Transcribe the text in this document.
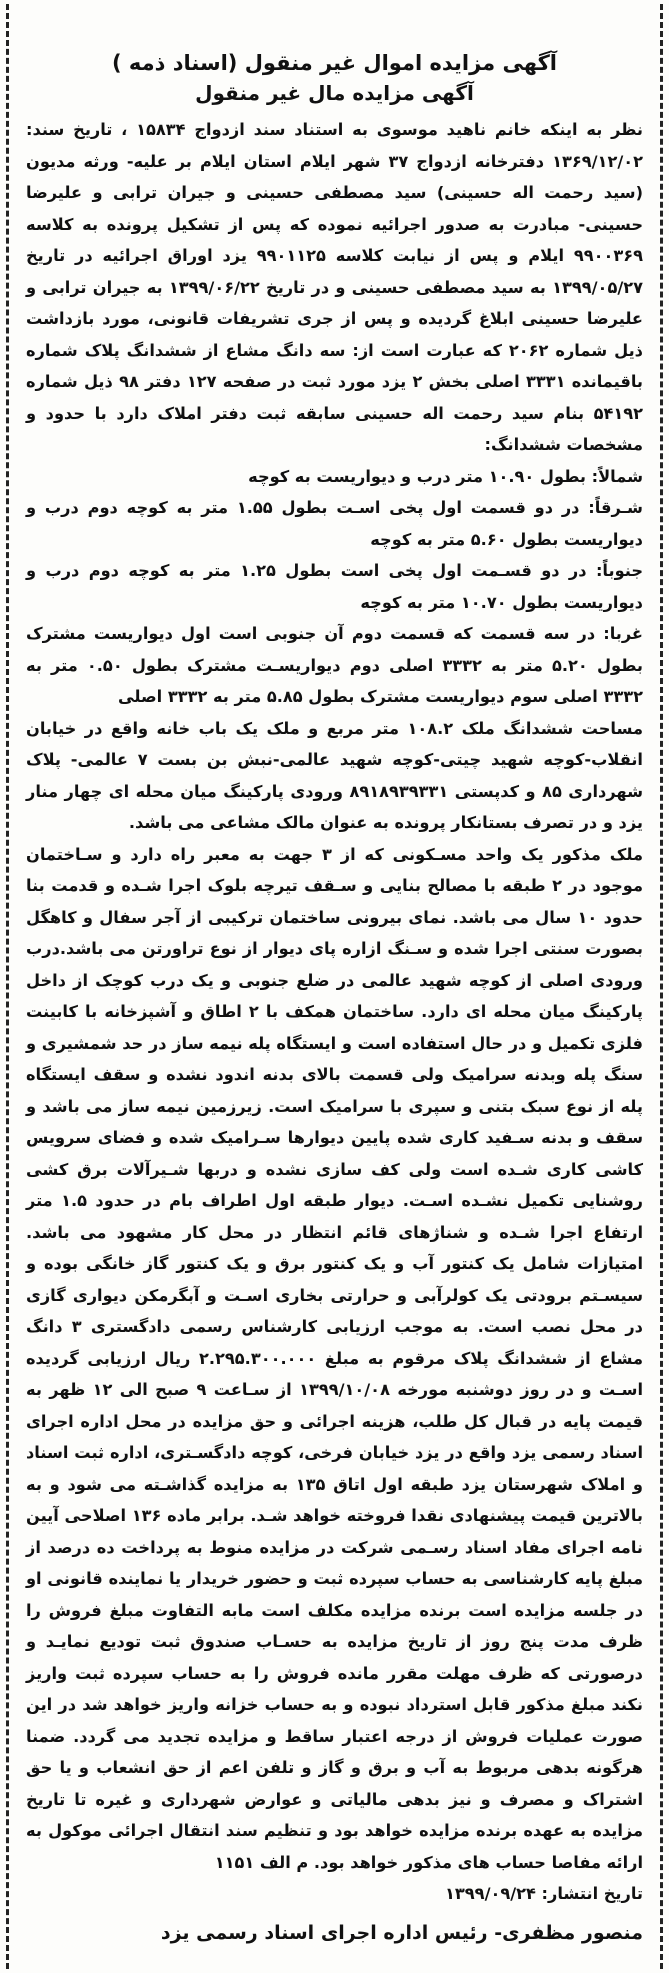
آگهی مزایده اموال غیر منقول (اسناد ذمه )
آگهی مزایده مال غیر منقول

نظر به اینکه خانم ناهید موسوی به استناد سند ازدواج ۱۵۸۳۴ ، تاریخ سند: ۱۳۶۹/۱۲/۰۲ دفترخانه ازدواج ۳۷ شهر ایلام استان ایلام بر علیه- ورثه مدیون (سید رحمت اله حسینی) سید مصطفی حسینی و جیران ترابی و علیرضا حسینی- مبادرت به صدور اجرائیه نموده که پس از تشکیل پرونده به کلاسه ۹۹۰۰۳۶۹ ایلام و پس از نیابت کلاسه ۹۹۰۱۱۲۵ یزد اوراق اجرائیه در تاریخ ۱۳۹۹/۰۵/۲۷ به سید مصطفی حسینی و در تاریخ ۱۳۹۹/۰۶/۲۲ به جیران ترابی و علیرضا حسینی ابلاغ گردیده و پس از جری تشریفات قانونی، مورد بازداشت ذیل شماره ۲۰۶۲ که عبارت است از: سه دانگ مشاع از ششدانگ پلاک شماره باقیمانده ۳۳۳۱ اصلی بخش ۲ یزد مورد ثبت در صفحه ۱۲۷ دفتر ۹۸ ذیل شماره ۵۴۱۹۲ بنام سید رحمت اله حسینی سابقه ثبت دفتر املاک دارد با حدود و مشخصات ششدانگ:

شمالاً: بطول ۱۰.۹۰ متر درب و دیواریست به کوچه

شـرقاً: در دو قسمت اول پخی اسـت بطول ۱.۵۵ متر به کوچه دوم درب و دیواریست بطول ۵.۶۰ متر به کوچه

جنوباً: در دو قسـمت اول پخی است بطول ۱.۲۵ متر به کوچه دوم درب و دیواریست بطول ۱۰.۷۰ متر به کوچه

غربا: در سه قسمت که قسمت دوم آن جنوبی است اول دیواریست مشترک بطول ۵.۲۰ متر به ۳۳۳۲ اصلی دوم دیواریسـت مشترک بطول ۰.۵۰ متر به ۳۳۳۲ اصلی سوم دیواریست مشترک بطول ۵.۸۵ متر به ۳۳۳۲ اصلی

مساحت ششدانگ ملک ۱۰۸.۲ متر مربع و ملک یک باب خانه واقع در خیابان انقلاب-کوچه شهید چیتی-کوچه شهید عالمی-نبش بن بست ۷ عالمی- پلاک شهرداری ۸۵ و کدپستی ۸۹۱۸۹۳۹۳۳۱ ورودی پارکینگ میان محله ای چهار منار یزد و در تصرف بستانکار پرونده به عنوان مالک مشاعی می باشد.

ملک مذکور یک واحد مسـکونی که از ۳ جهت به معبر راه دارد و سـاختمان موجود در ۲ طبقه با مصالح بنایی و سـقف تیرچه بلوک اجرا شـده و قدمت بنا حدود ۱۰ سال می باشد. نمای بیرونی ساختمان ترکیبی از آجر سفال و کاهگل بصورت سنتی اجرا شده و سـنگ ازاره پای دیوار از نوع تراورتن می باشد.درب ورودی اصلی از کوچه شهید عالمی در ضلع جنوبی و یک درب کوچک از داخل پارکینگ میان محله ای دارد. ساختمان همکف با ۲ اطاق و آشپزخانه با کابینت فلزی تکمیل و در حال استفاده است و ایستگاه پله نیمه ساز در حد شمشیری و سنگ پله وبدنه سرامیک ولی قسمت بالای بدنه اندود نشده و سقف ایستگاه پله از نوع سبک بتنی و سپری با سرامیک است. زیرزمین نیمه ساز می باشد و سقف و بدنه سـفید کاری شده پایین دیوارها سـرامیک شده و فضای سرویس کاشی کاری شـده است ولی کف سازی نشده و دربها شـیرآلات برق کشی روشنایی تکمیل نشـده اسـت. دیوار طبقه اول اطراف بام در حدود ۱.۵ متر ارتفاع اجرا شـده و شناژهای قائم انتظار در محل کار مشهود می باشد. امتیازات شامل یک کنتور آب و یک کنتور برق و یک کنتور گاز خانگی بوده و سیسـتم برودتی یک کولرآبی و حرارتی بخاری اسـت و آبگرمکن دیواری گازی در محل نصب است. به موجب ارزیابی کارشناس رسمی دادگستری ۳ دانگ مشاع از ششدانگ پلاک مرقوم به مبلغ ۲.۲۹۵.۳۰۰.۰۰۰ ریال ارزیابی گردیده اسـت و در روز دوشنبه مورخه ۱۳۹۹/۱۰/۰۸ از سـاعت ۹ صبح الی ۱۲ ظهر به قیمت پایه در قبال کل طلب، هزینه اجرائی و حق مزایده در محل اداره اجرای اسناد رسمی یزد واقع در یزد خیابان فرخی، کوچه دادگسـتری، اداره ثبت اسناد و املاک شهرستان یزد طبقه اول اتاق ۱۳۵ به مزایده گذاشـته می شود و به بالاترین قیمت پیشنهادی نقدا فروخته خواهد شـد. برابر ماده ۱۳۶ اصلاحی آیین نامه اجرای مفاد اسناد رسـمی شرکت در مزایده منوط به پرداخت ده درصد از مبلغ پایه کارشناسی به حساب سپرده ثبت و حضور خریدار یا نماینده قانونی او در جلسه مزایده است برنده مزایده مکلف است مابه التفاوت مبلغ فروش را ظرف مدت پنج روز از تاریخ مزایده به حسـاب صندوق ثبت تودیع نمایـد و درصورتی که ظرف مهلت مقرر مانده فروش را به حساب سپرده ثبت واریز نکند مبلغ مذکور قابل استرداد نبوده و به حساب خزانه واریز خواهد شد در این صورت عملیات فروش از درجه اعتبار ساقط و مزایده تجدید می گردد. ضمنا هرگونه بدهی مربوط به آب و برق و گاز و تلفن اعم از حق انشعاب و یا حق اشتراک و مصرف و نیز بدهی مالیاتی و عوارض شهرداری و غیره تا تاریخ مزایده به عهده برنده مزایده خواهد بود و تنظیم سند انتقال اجرائی موکول به ارائه مفاصا حساب های مذکور خواهد بود. م الف ۱۱۵۱

تاریخ انتشار: ۱۳۹۹/۰۹/۲۴

منصور مظفری- رئیس اداره اجرای اسناد رسمی یزد
